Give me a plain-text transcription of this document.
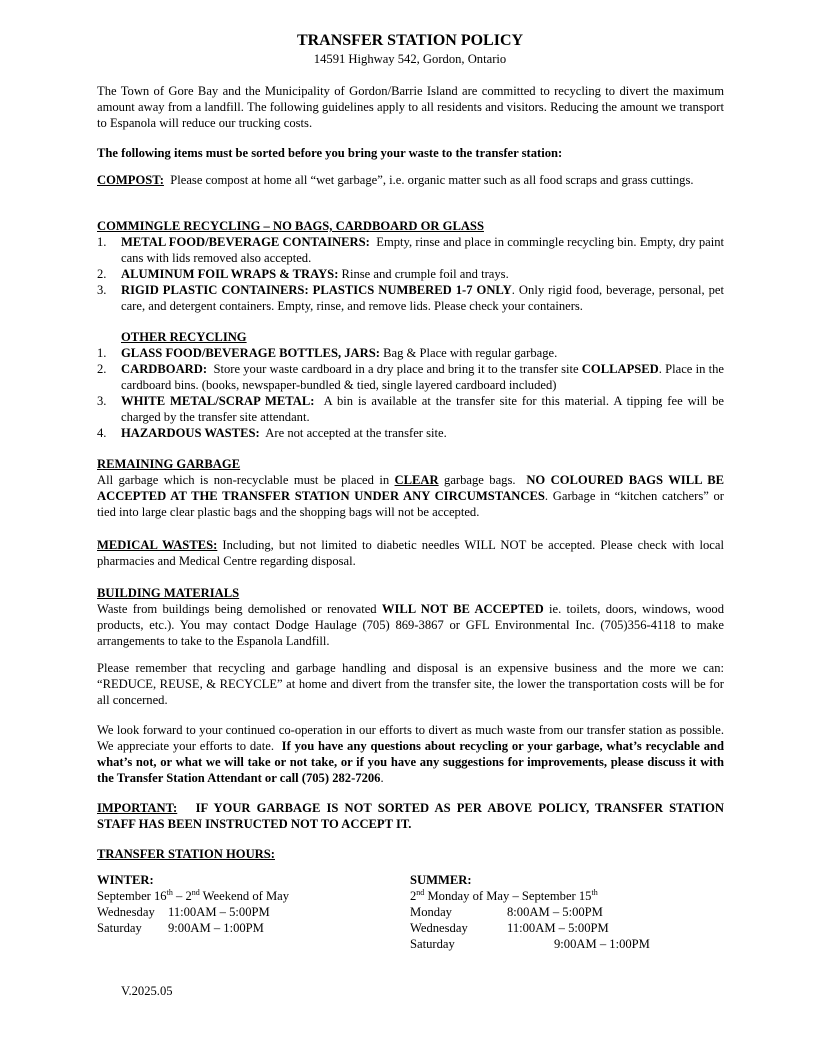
TRANSFER STATION POLICY

14591 Highway 542, Gordon, Ontario

The Town of Gore Bay and the Municipality of Gordon/Barrie Island are committed to recycling to divert the maximum amount away from a landfill. The following guidelines apply to all residents and visitors. Reducing the amount we transport to Espanola will reduce our trucking costs.

The following items must be sorted before you bring your waste to the transfer station:

COMPOST: Please compost at home all “wet garbage”, i.e. organic matter such as all food scraps and grass cuttings.

COMMINGLE RECYCLING – NO BAGS, CARDBOARD OR GLASS
1. METAL FOOD/BEVERAGE CONTAINERS: Empty, rinse and place in commingle recycling bin. Empty, dry paint cans with lids removed also accepted.
2. ALUMINUM FOIL WRAPS & TRAYS: Rinse and crumple foil and trays.
3. RIGID PLASTIC CONTAINERS: PLASTICS NUMBERED 1-7 ONLY. Only rigid food, beverage, personal, pet care, and detergent containers. Empty, rinse, and remove lids. Please check your containers.
OTHER RECYCLING
1. GLASS FOOD/BEVERAGE BOTTLES, JARS: Bag & Place with regular garbage.
2. CARDBOARD: Store your waste cardboard in a dry place and bring it to the transfer site COLLAPSED. Place in the cardboard bins. (books, newspaper-bundled & tied, single layered cardboard included)
3. WHITE METAL/SCRAP METAL: A bin is available at the transfer site for this material. A tipping fee will be charged by the transfer site attendant.
4. HAZARDOUS WASTES: Are not accepted at the transfer site.
REMAINING GARBAGE
All garbage which is non-recyclable must be placed in CLEAR garbage bags. NO COLOURED BAGS WILL BE ACCEPTED AT THE TRANSFER STATION UNDER ANY CIRCUMSTANCES. Garbage in “kitchen catchers” or tied into large clear plastic bags and the shopping bags will not be accepted.

MEDICAL WASTES: Including, but not limited to diabetic needles WILL NOT be accepted. Please check with local pharmacies and Medical Centre regarding disposal.

BUILDING MATERIALS
Waste from buildings being demolished or renovated WILL NOT BE ACCEPTED ie. toilets, doors, windows, wood products, etc.). You may contact Dodge Haulage (705) 869-3867 or GFL Environmental Inc. (705)356-4118 to make arrangements to take to the Espanola Landfill.

Please remember that recycling and garbage handling and disposal is an expensive business and the more we can: “REDUCE, REUSE, & RECYCLE” at home and divert from the transfer site, the lower the transportation costs will be for all concerned.

We look forward to your continued co-operation in our efforts to divert as much waste from our transfer station as possible. We appreciate your efforts to date. If you have any questions about recycling or your garbage, what’s recyclable and what’s not, or what we will take or not take, or if you have any suggestions for improvements, please discuss it with the Transfer Station Attendant or call (705) 282-7206.

IMPORTANT: IF YOUR GARBAGE IS NOT SORTED AS PER ABOVE POLICY, TRANSFER STATION STAFF HAS BEEN INSTRUCTED NOT TO ACCEPT IT.

TRANSFER STATION HOURS:
WINTER:
September 16th – 2nd Weekend of May
Wednesday 11:00AM – 5:00PM
Saturday 9:00AM – 1:00PM
SUMMER:
2nd Monday of May – September 15th
Monday	8:00AM – 5:00PM
Wednesday	11:00AM – 5:00PM
Saturday	9:00AM – 1:00PM
V.2025.05
